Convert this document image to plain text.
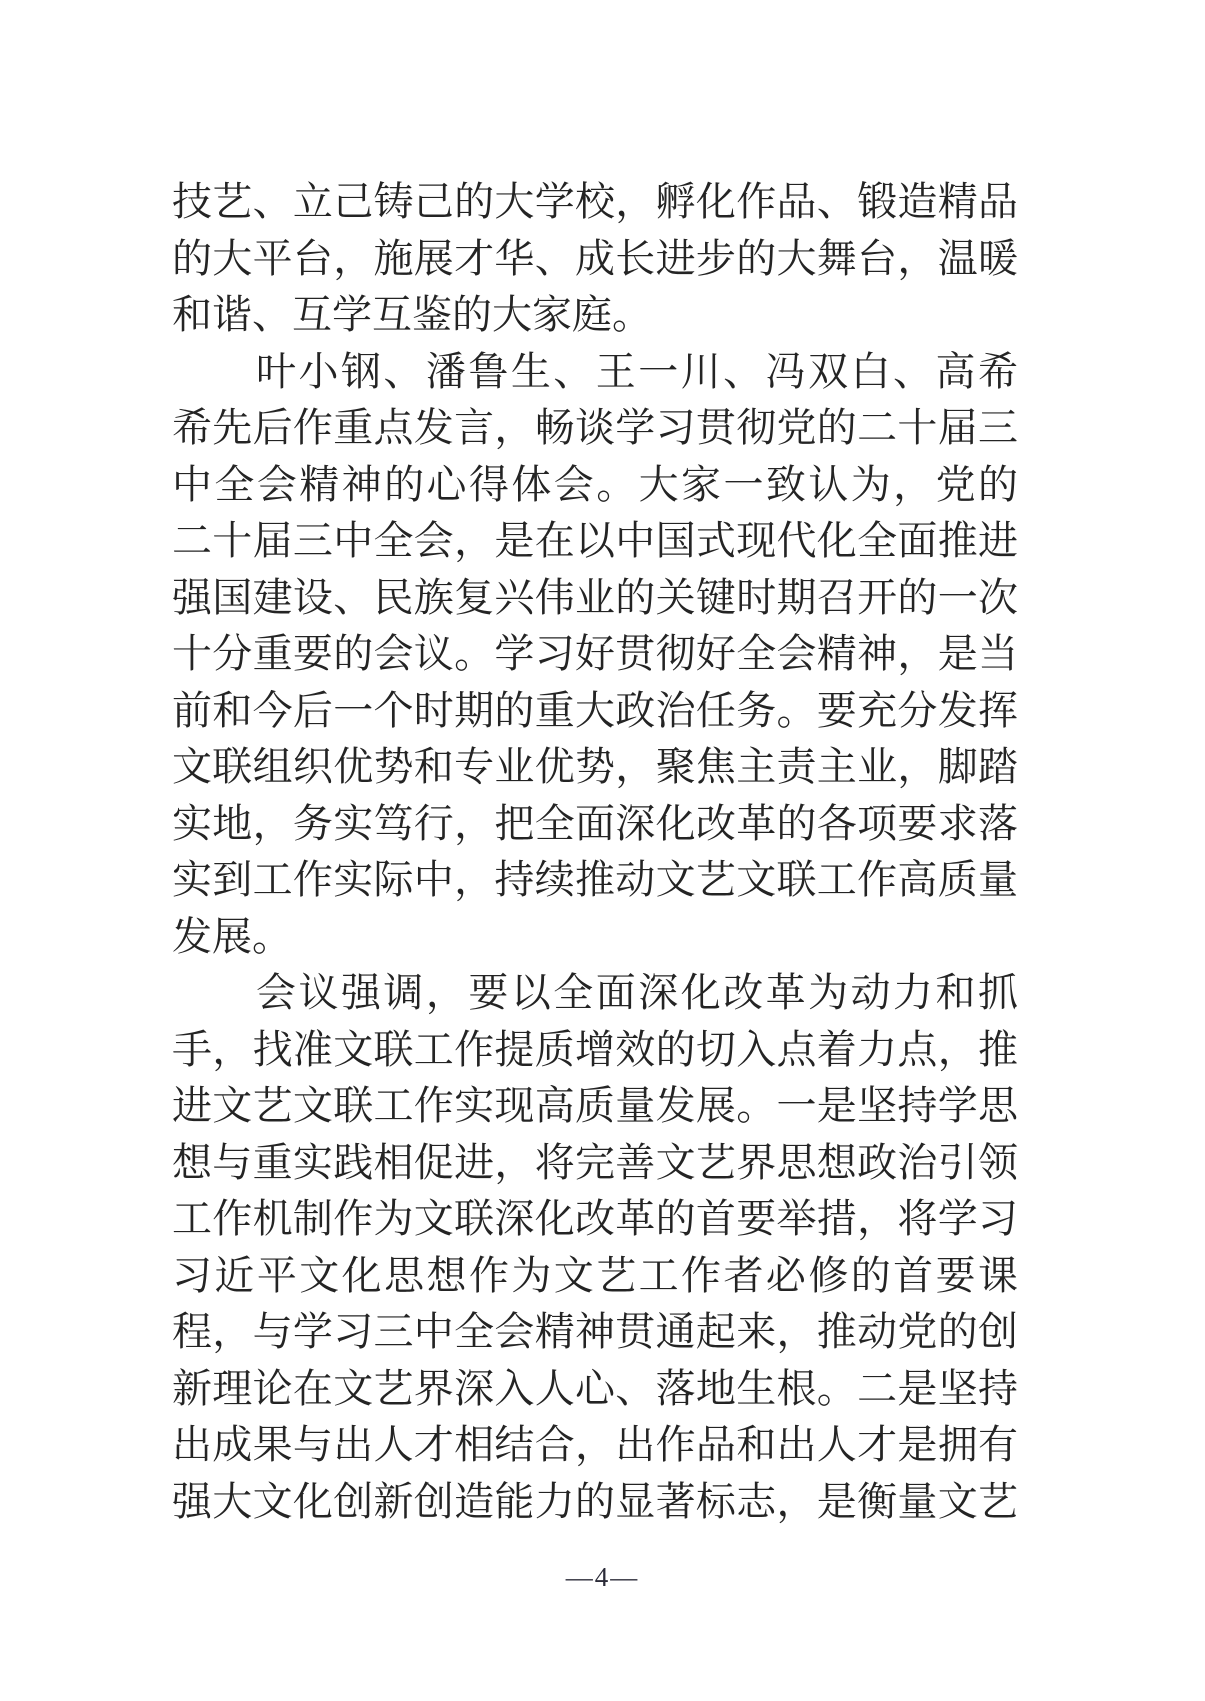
技艺、立己铸己的大学校，孵化作品、锻造精品
的大平台，施展才华、成长进步的大舞台，温暖
和谐、互学互鉴的大家庭。
叶小钢、潘鲁生、王一川、冯双白、高希
希先后作重点发言，畅谈学习贯彻党的二十届三
中全会精神的心得体会。大家一致认为，党的
二十届三中全会，是在以中国式现代化全面推进
强国建设、民族复兴伟业的关键时期召开的一次
十分重要的会议。学习好贯彻好全会精神，是当
前和今后一个时期的重大政治任务。要充分发挥
文联组织优势和专业优势，聚焦主责主业，脚踏
实地，务实笃行，把全面深化改革的各项要求落
实到工作实际中，持续推动文艺文联工作高质量
发展。
会议强调，要以全面深化改革为动力和抓
手，找准文联工作提质增效的切入点着力点，推
进文艺文联工作实现高质量发展。一是坚持学思
想与重实践相促进，将完善文艺界思想政治引领
工作机制作为文联深化改革的首要举措，将学习
习近平文化思想作为文艺工作者必修的首要课
程，与学习三中全会精神贯通起来，推动党的创
新理论在文艺界深入人心、落地生根。二是坚持
出成果与出人才相结合，出作品和出人才是拥有
强大文化创新创造能力的显著标志，是衡量文艺
—4—
